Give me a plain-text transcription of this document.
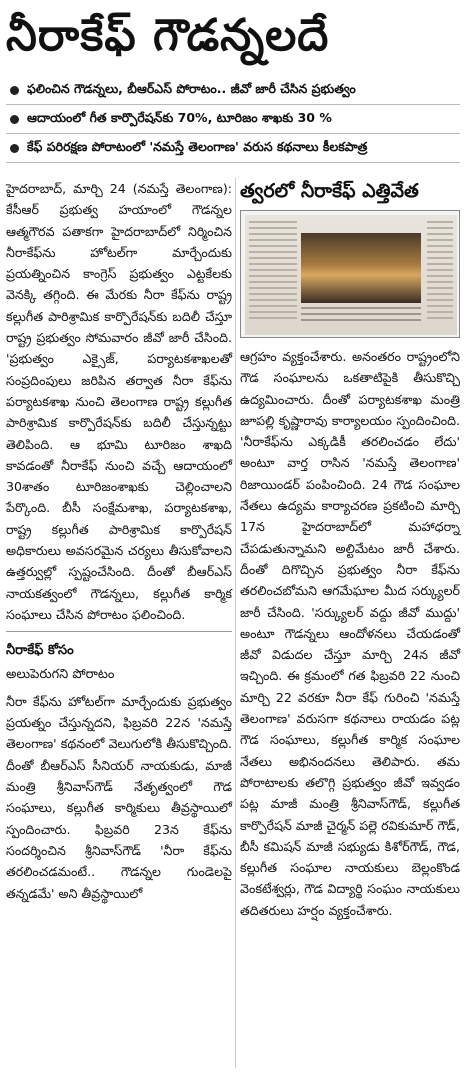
నీరాకేఫ్ గౌడన్నలదే
ఫలించిన గౌడన్నలు, బీఆర్‌ఎస్ పోరాటం.. జీవో జారీ చేసిన ప్రభుత్వం
ఆదాయంలో గీత కార్పొరేషన్‌కు 70%, టూరిజం శాఖకు 30 %
కేఫ్ పరిరక్షణ పోరాటంలో 'నమస్తే తెలంగాణ' వరుస కథనాలు కీలకపాత్ర

హైదరాబాద్, మార్చి 24 (నమస్తే తెలంగాణ): కేసీఆర్ ప్రభుత్వ హయాంలో గౌడన్నల ఆత్మగౌరవ పతాకగా హైదరాబాద్‌లో నిర్మించిన నీరాకేఫ్‌ను హోటల్‌గా మార్చేందుకు ప్రయత్నించిన కాంగ్రెస్ ప్రభుత్వం ఎట్టకేలకు వెనక్కి తగ్గింది. ఈ మేరకు నీరా కేఫ్‌ను రాష్ట్ర కల్లుగీత పారిశ్రామిక కార్పొరేషన్‌కు బదిలీ చేస్తూ రాష్ట్ర ప్రభుత్వం సోమవారం జీవో జారీ చేసింది. 'ప్రభుత్వం ఎక్సైజ్, పర్యాటకశాఖలతో సంప్రదింపులు జరిపిన తర్వాత నీరా కేఫ్‌ను పర్యాటకశాఖ నుంచి తెలంగాణ రాష్ట్ర కల్లుగీత పారిశ్రామిక కార్పొరేషన్‌కు బదిలీ చేస్తున్నట్టు తెలిపింది. ఆ భూమి టూరిజం శాఖది కావడంతో నీరాకేఫ్ నుంచి వచ్చే ఆదాయంలో 30శాతం టూరిజంశాఖకు చెల్లించాలని పేర్కొంది. బీసీ సంక్షేమశాఖ, పర్యాటకశాఖ, రాష్ట్ర కల్లుగీత పారిశ్రామిక కార్పొరేషన్ అధికారులు అవసరమైన చర్యలు తీసుకోవాలని ఉత్తర్వుల్లో స్పష్టంచేసింది. దీంతో బీఆర్‌ఎస్ నాయకత్వంలో గౌడన్నలు, కల్లుగీత కార్మిక సంఘాలు చేసిన పోరాటం ఫలించింది.

నీరాకేఫ్ కోసం
అలుపెరుగని పోరాటం

నీరా కేఫ్‌ను హోటల్‌గా మార్చేందుకు ప్రభుత్వం ప్రయత్నం చేస్తున్నదని, ఫిబ్రవరి 22న 'నమస్తే తెలంగాణ' కథనంలో వెలుగులోకి తీసుకొచ్చింది. దీంతో బీఆర్‌ఎస్ సీనియర్ నాయకుడు, మాజీ మంత్రి శ్రీనివాస్‌గౌడ్ నేతృత్వంలో గౌడ సంఘాలు, కల్లుగీత కార్మికులు తీవ్రస్థాయిలో స్పందించారు. ఫిబ్రవరి 23న కేఫ్‌ను సందర్శించిన శ్రీనివాస్‌గౌడ్ 'నీరా కేఫ్‌ను తరలించడమంటే.. గౌడన్నల గుండెలపై తన్నడమే' అని తీవ్రస్థాయిలో

త్వరలో నీరాకేఫ్ ఎత్తివేత

ఆగ్రహం వ్యక్తంచేశారు. అనంతరం రాష్ట్రంలోని గౌడ సంఘాలను ఒకతాటిపైకి తీసుకొచ్చి ఉద్యమించారు. దీంతో పర్యాటకశాఖ మంత్రి జూపల్లి కృష్ణారావు కార్యాలయం స్పందించింది. 'నీరాకేఫ్‌ను ఎక్కడికీ తరలించడం లేదు' అంటూ వార్త రాసిన 'నమస్తే తెలంగాణ' రిజాయిండర్ పంపించింది. 24 గౌడ సంఘాల నేతలు ఉద్యమ కార్యాచరణ ప్రకటించి మార్చి 17న హైదరాబాద్‌లో మహాధర్నా చేపడుతున్నామని అల్టిమేటం జారీ చేశారు. దీంతో దిగొచ్చిన ప్రభుత్వం నీరా కేఫ్‌ను తరలించబోమని ఆగమేఘాల మీద సర్క్యులర్ జారీ చేసింది. 'సర్క్యులర్ వద్దు జీవో ముద్దు' అంటూ గౌడన్నలు ఆందోళనలు చేయడంతో జీవో విడుదల చేస్తూ మార్చి 24న జీవో ఇచ్చింది. ఈ క్రమంలో గత ఫిబ్రవరి 22 నుంచి మార్చి 22 వరకూ నీరా కేఫ్ గురించి 'నమస్తే తెలంగాణ' వరుసగా కథనాలు రాయడం పట్ల గౌడ సంఘాలు, కల్లుగీత కార్మిక సంఘాల నేతలు అభినందనలు తెలిపారు. తమ పోరాటాలకు తలొగ్గి ప్రభుత్వం జీవో ఇవ్వడం పట్ల మాజీ మంత్రి శ్రీనివాస్‌గౌడ్, కల్లుగీత కార్పొరేషన్ మాజీ చైర్మన్ పల్లె రవికుమార్ గౌడ్, బీసీ కమిషన్ మాజీ సభ్యుడు కిశోర్‌గౌడ్, గౌడ, కల్లుగీత సంఘాల నాయకులు బెల్లంకొండ వెంకటేశ్వర్లు, గౌడ విద్యార్థి సంఘం నాయకులు తదితరులు హర్షం వ్యక్తంచేశారు.
